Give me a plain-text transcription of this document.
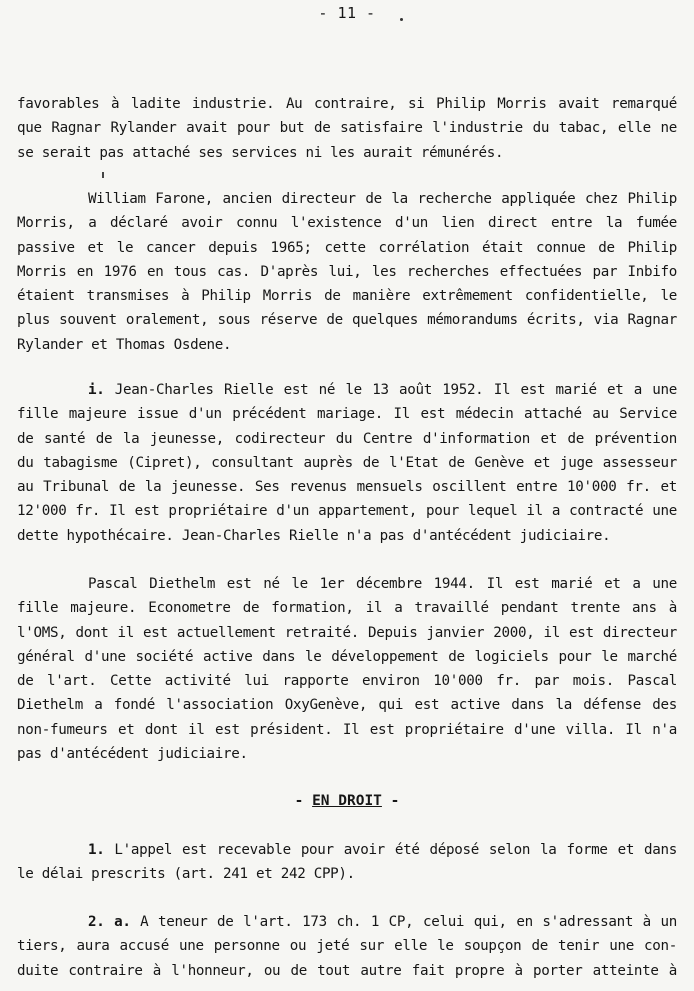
- 11 -
favorables à ladite industrie. Au contraire, si Philip Morris avait remarqué
que Ragnar Rylander avait pour but de satisfaire l'industrie du tabac, elle ne
se serait pas attaché ses services ni les aurait rémunérés.
William Farone, ancien directeur de la recherche appliquée chez Philip
Morris, a déclaré avoir connu l'existence d'un lien direct entre la fumée
passive et le cancer depuis 1965; cette corrélation était connue de Philip
Morris en 1976 en tous cas. D'après lui, les recherches effectuées par Inbifo
étaient transmises à Philip Morris de manière extrêmement confidentielle, le
plus souvent oralement, sous réserve de quelques mémorandums écrits, via Ragnar
Rylander et Thomas Osdene.
i. Jean-Charles Rielle est né le 13 août 1952. Il est marié et a une
fille majeure issue d'un précédent mariage. Il est médecin attaché au Service
de santé de la jeunesse, codirecteur du Centre d'information et de prévention
du tabagisme (Cipret), consultant auprès de l'Etat de Genève et juge assesseur
au Tribunal de la jeunesse. Ses revenus mensuels oscillent entre 10'000 fr. et
12'000 fr. Il est propriétaire d'un appartement, pour lequel il a contracté une
dette hypothécaire. Jean-Charles Rielle n'a pas d'antécédent judiciaire.
Pascal Diethelm est né le 1er décembre 1944. Il est marié et a une
fille majeure. Econometre de formation, il a travaillé pendant trente ans à
l'OMS, dont il est actuellement retraité. Depuis janvier 2000, il est directeur
général d'une société active dans le développement de logiciels pour le marché
de l'art. Cette activité lui rapporte environ 10'000 fr. par mois. Pascal
Diethelm a fondé l'association OxyGenève, qui est active dans la défense des
non-fumeurs et dont il est président. Il est propriétaire d'une villa. Il n'a
pas d'antécédent judiciaire.
- EN DROIT -
1. L'appel est recevable pour avoir été déposé selon la forme et dans
le délai prescrits (art. 241 et 242 CPP).
2. a. A teneur de l'art. 173 ch. 1 CP, celui qui, en s'adressant à un
tiers, aura accusé une personne ou jeté sur elle le soupçon de tenir une con-
duite contraire à l'honneur, ou de tout autre fait propre à porter atteinte à
